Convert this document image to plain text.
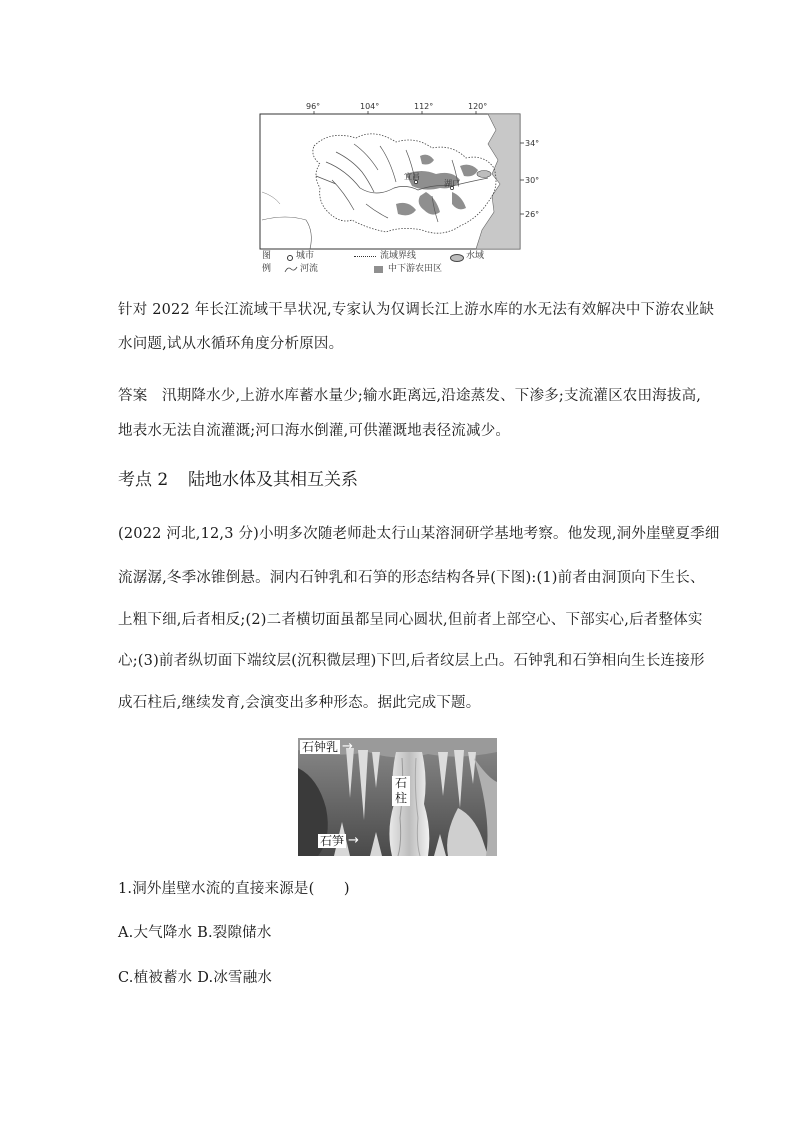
96°	104°	112°	120°
34°
30°
26°
宜昌
湖口
图
例
城市	流域界线	水域
河流	中下游农田区
针对 2022 年长江流域干旱状况,专家认为仅调长江上游水库的水无法有效解决中下游农业缺
水问题,试从水循环角度分析原因。
答案 汛期降水少,上游水库蓄水量少;输水距离远,沿途蒸发、下渗多;支流灌区农田海拔高,
地表水无法自流灌溉;河口海水倒灌,可供灌溉地表径流减少。
考点 2 陆地水体及其相互关系
(2022 河北,12,3 分)小明多次随老师赴太行山某溶洞研学基地考察。他发现,洞外崖壁夏季细
流潺潺,冬季冰锥倒悬。洞内石钟乳和石笋的形态结构各异(下图):(1)前者由洞顶向下生长、
上粗下细,后者相反;(2)二者横切面虽都呈同心圆状,但前者上部空心、下部实心,后者整体实
心;(3)前者纵切面下端纹层(沉积微层理)下凹,后者纹层上凸。石钟乳和石笋相向生长连接形
成石柱后,继续发育,会演变出多种形态。据此完成下题。
石钟乳 →
石柱
石笋 →
1.洞外崖壁水流的直接来源是(　　)
A.大气降水 B.裂隙储水
C.植被蓄水 D.冰雪融水
